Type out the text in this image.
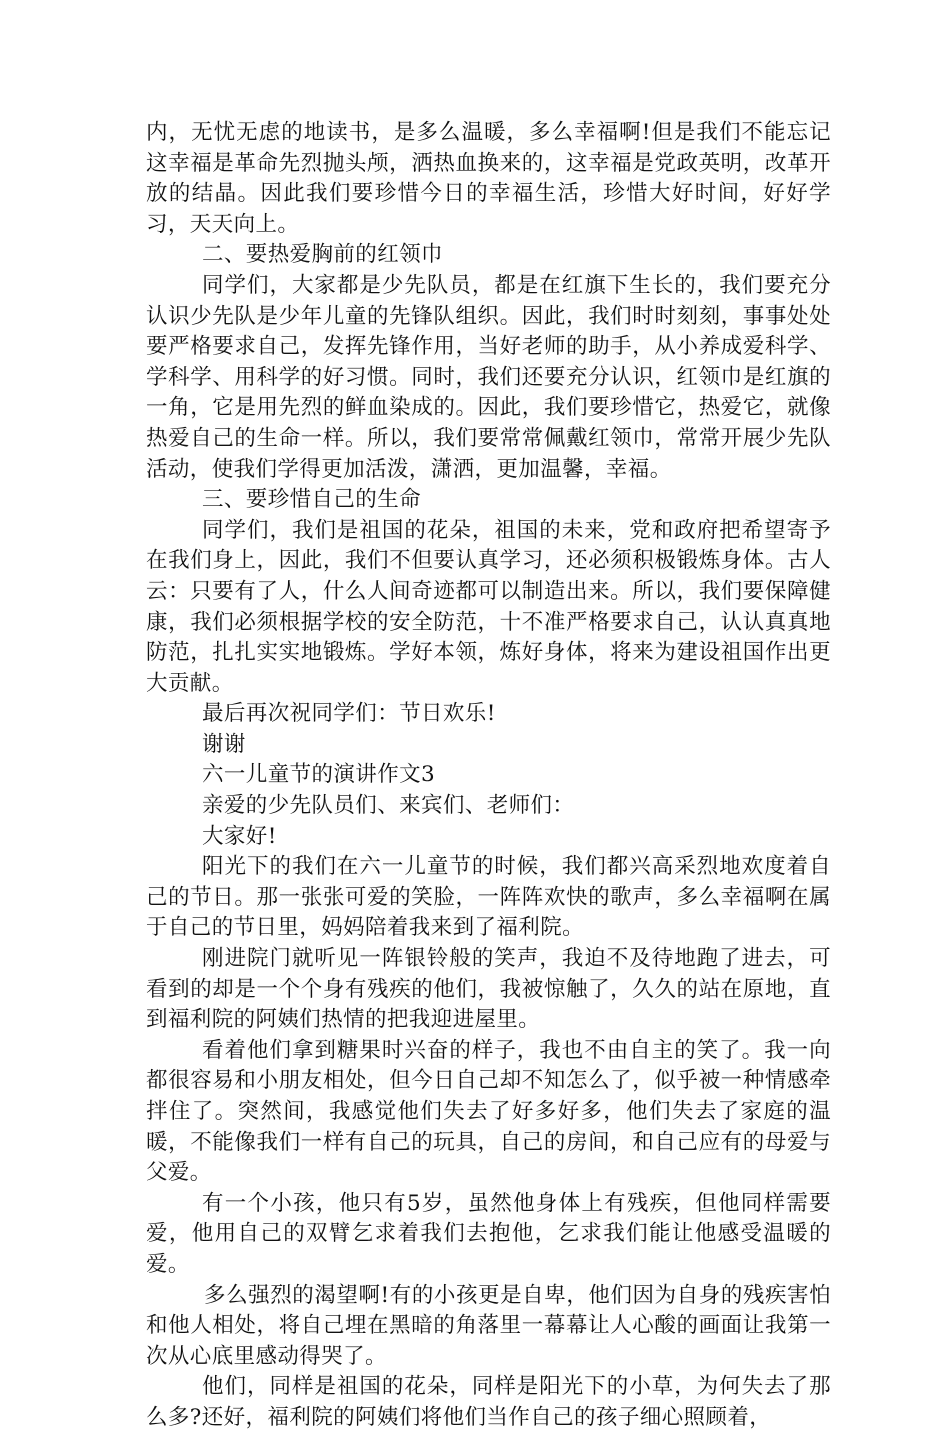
内，无忧无虑的地读书，是多么温暖，多么幸福啊!但是我们不能忘记这幸福是革命先烈抛头颅，洒热血换来的，这幸福是党政英明，改革开放的结晶。因此我们要珍惜今日的幸福生活，珍惜大好时间，好好学习，天天向上。

二、要热爱胸前的红领巾

同学们，大家都是少先队员，都是在红旗下生长的，我们要充分认识少先队是少年儿童的先锋队组织。因此，我们时时刻刻，事事处处要严格要求自己，发挥先锋作用，当好老师的助手，从小养成爱科学、学科学、用科学的好习惯。同时，我们还要充分认识，红领巾是红旗的一角，它是用先烈的鲜血染成的。因此，我们要珍惜它，热爱它，就像热爱自己的生命一样。所以，我们要常常佩戴红领巾，常常开展少先队活动，使我们学得更加活泼，潇洒，更加温馨，幸福。

三、要珍惜自己的生命

同学们，我们是祖国的花朵，祖国的未来，党和政府把希望寄予在我们身上，因此，我们不但要认真学习，还必须积极锻炼身体。古人云：只要有了人，什么人间奇迹都可以制造出来。所以，我们要保障健康，我们必须根据学校的安全防范，十不准严格要求自己，认认真真地防范，扎扎实实地锻炼。学好本领，炼好身体，将来为建设祖国作出更大贡献。

最后再次祝同学们：节日欢乐!

谢谢

六一儿童节的演讲作文3

亲爱的少先队员们、来宾们、老师们：

大家好!

阳光下的我们在六一儿童节的时候，我们都兴高采烈地欢度着自己的节日。那一张张可爱的笑脸，一阵阵欢快的歌声，多么幸福啊在属于自己的节日里，妈妈陪着我来到了福利院。

刚进院门就听见一阵银铃般的笑声，我迫不及待地跑了进去，可看到的却是一个个身有残疾的他们，我被惊触了，久久的站在原地，直到福利院的阿姨们热情的把我迎进屋里。

看着他们拿到糖果时兴奋的样子，我也不由自主的笑了。我一向都很容易和小朋友相处，但今日自己却不知怎么了，似乎被一种情感牵拌住了。突然间，我感觉他们失去了好多好多，他们失去了家庭的温暖，不能像我们一样有自己的玩具，自己的房间，和自己应有的母爱与父爱。

有一个小孩，他只有5岁，虽然他身体上有残疾，但他同样需要爱，他用自己的双臂乞求着我们去抱他，乞求我们能让他感受温暖的爱。

多么强烈的渴望啊!有的小孩更是自卑，他们因为自身的残疾害怕和他人相处，将自己埋在黑暗的角落里一幕幕让人心酸的画面让我第一次从心底里感动得哭了。

他们，同样是祖国的花朵，同样是阳光下的小草，为何失去了那么多?还好，福利院的阿姨们将他们当作自己的孩子细心照顾着，
